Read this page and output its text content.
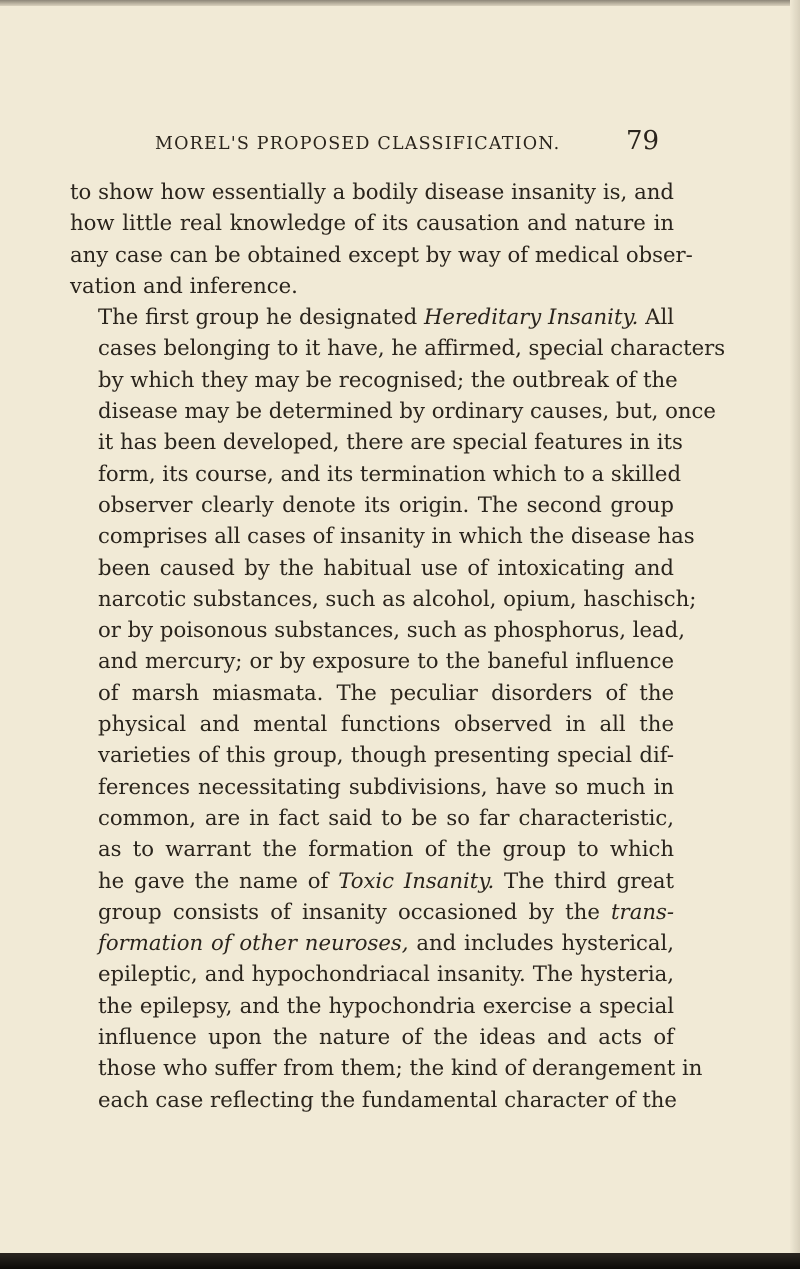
MOREL'S PROPOSED CLASSIFICATION.	79

to show how essentially a bodily disease insanity is, and
how little real knowledge of its causation and nature in
any case can be obtained except by way of medical obser-
vation and inference.

The first group he designated Hereditary Insanity. All
cases belonging to it have, he affirmed, special characters
by which they may be recognised; the outbreak of the
disease may be determined by ordinary causes, but, once
it has been developed, there are special features in its
form, its course, and its termination which to a skilled
observer clearly denote its origin. The second group
comprises all cases of insanity in which the disease has
been caused by the habitual use of intoxicating and
narcotic substances, such as alcohol, opium, haschisch;
or by poisonous substances, such as phosphorus, lead,
and mercury; or by exposure to the baneful influence
of marsh miasmata. The peculiar disorders of the
physical and mental functions observed in all the
varieties of this group, though presenting special dif-
ferences necessitating subdivisions, have so much in
common, are in fact said to be so far characteristic,
as to warrant the formation of the group to which
he gave the name of Toxic Insanity. The third great
group consists of insanity occasioned by the trans-
formation of other neuroses, and includes hysterical,
epileptic, and hypochondriacal insanity. The hysteria,
the epilepsy, and the hypochondria exercise a special
influence upon the nature of the ideas and acts of
those who suffer from them; the kind of derangement in
each case reflecting the fundamental character of the
